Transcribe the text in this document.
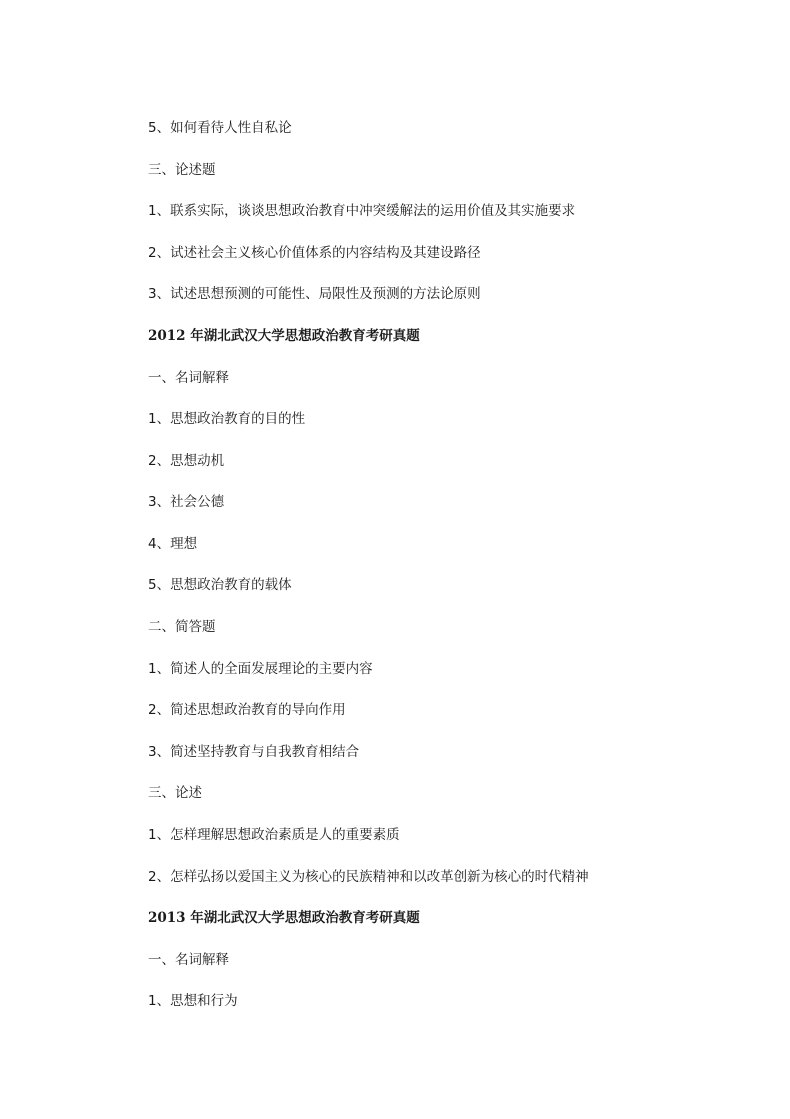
5、如何看待人性自私论
三、论述题
1、联系实际，谈谈思想政治教育中冲突缓解法的运用价值及其实施要求
2、试述社会主义核心价值体系的内容结构及其建设路径
3、试述思想预测的可能性、局限性及预测的方法论原则
2012 年湖北武汉大学思想政治教育考研真题
一、名词解释
1、思想政治教育的目的性
2、思想动机
3、社会公德
4、理想
5、思想政治教育的载体
二、简答题
1、简述人的全面发展理论的主要内容
2、简述思想政治教育的导向作用
3、简述坚持教育与自我教育相结合
三、论述
1、怎样理解思想政治素质是人的重要素质
2、怎样弘扬以爱国主义为核心的民族精神和以改革创新为核心的时代精神
2013 年湖北武汉大学思想政治教育考研真题
一、名词解释
1、思想和行为
